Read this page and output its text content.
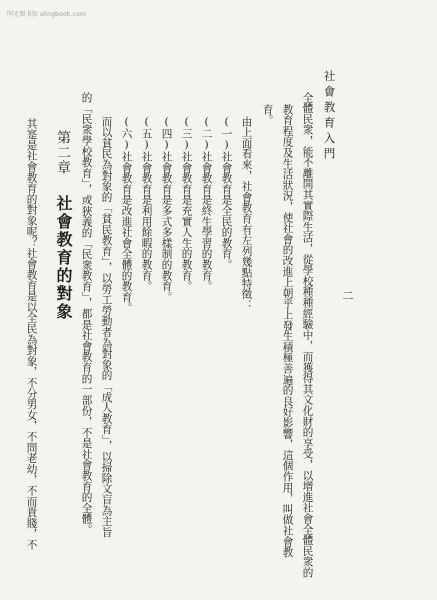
明光图书馆 slingbook.com
社會教育入門
二
全體民衆，能不離開其實際生活，從學校種種經驗中，而獲得其文化財的享受，以增進社會全體民衆的
教育程度及生活狀況，使社會的改進上朝乎上發生積極善遍的良好影響，這個作用，叫做社會教
育。
由上面看來，社會教育有左列幾點特徵：
(一)社會教育是全民的教育。
(二)社會教育是終生學習的教育。
(三)社會教育是充實人生的教育。
(四)社會教育是多式多樣制的教育。
(五)社會教育是利用餘暇的教育。
(六)社會教育是改進社會全體的教育。
而以貧民為對象的「貧民教育」，以勞工勞動者為對象的「成人教育」，以掃除文盲為主旨
的「民衆學校教育」，或狹義的「民衆教育」，都是社會教育的一部份，不是社會教育的全體。
第二章
社會教育的對象
其寔是社會教育的對象呢？社會教育是以全民為對象，不分男女，不問老幼，不而貴賤，不
